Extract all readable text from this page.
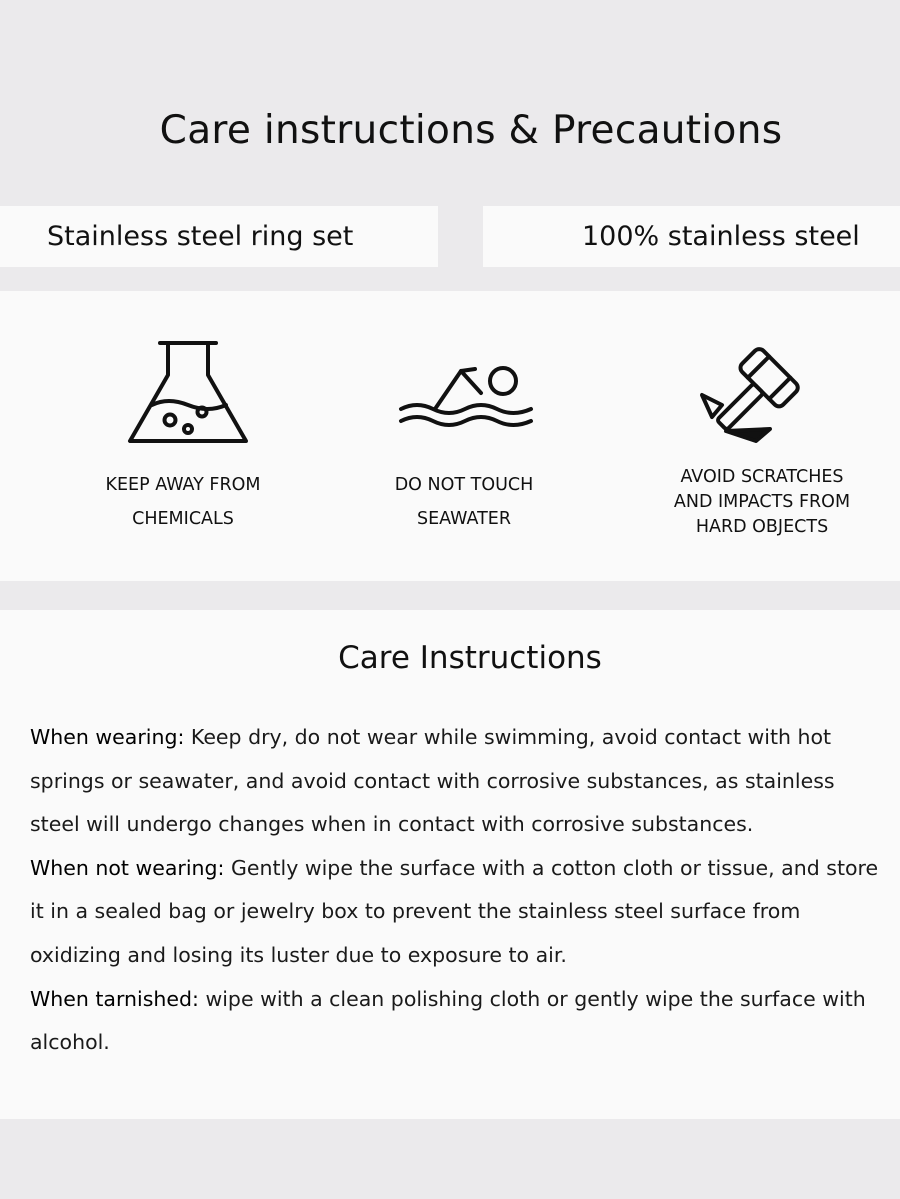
Care instructions & Precautions
Stainless steel ring set	100% stainless steel
KEEP AWAY FROM
CHEMICALS
DO NOT TOUCH
SEAWATER
AVOID SCRATCHES
AND IMPACTS FROM
HARD OBJECTS
Care Instructions

When wearing: Keep dry, do not wear while swimming, avoid contact with hot springs or seawater, and avoid contact with corrosive substances, as stainless steel will undergo changes when in contact with corrosive substances.

When not wearing: Gently wipe the surface with a cotton cloth or tissue, and store it in a sealed bag or jewelry box to prevent the stainless steel surface from oxidizing and losing its luster due to exposure to air.

When tarnished: wipe with a clean polishing cloth or gently wipe the surface with alcohol.
